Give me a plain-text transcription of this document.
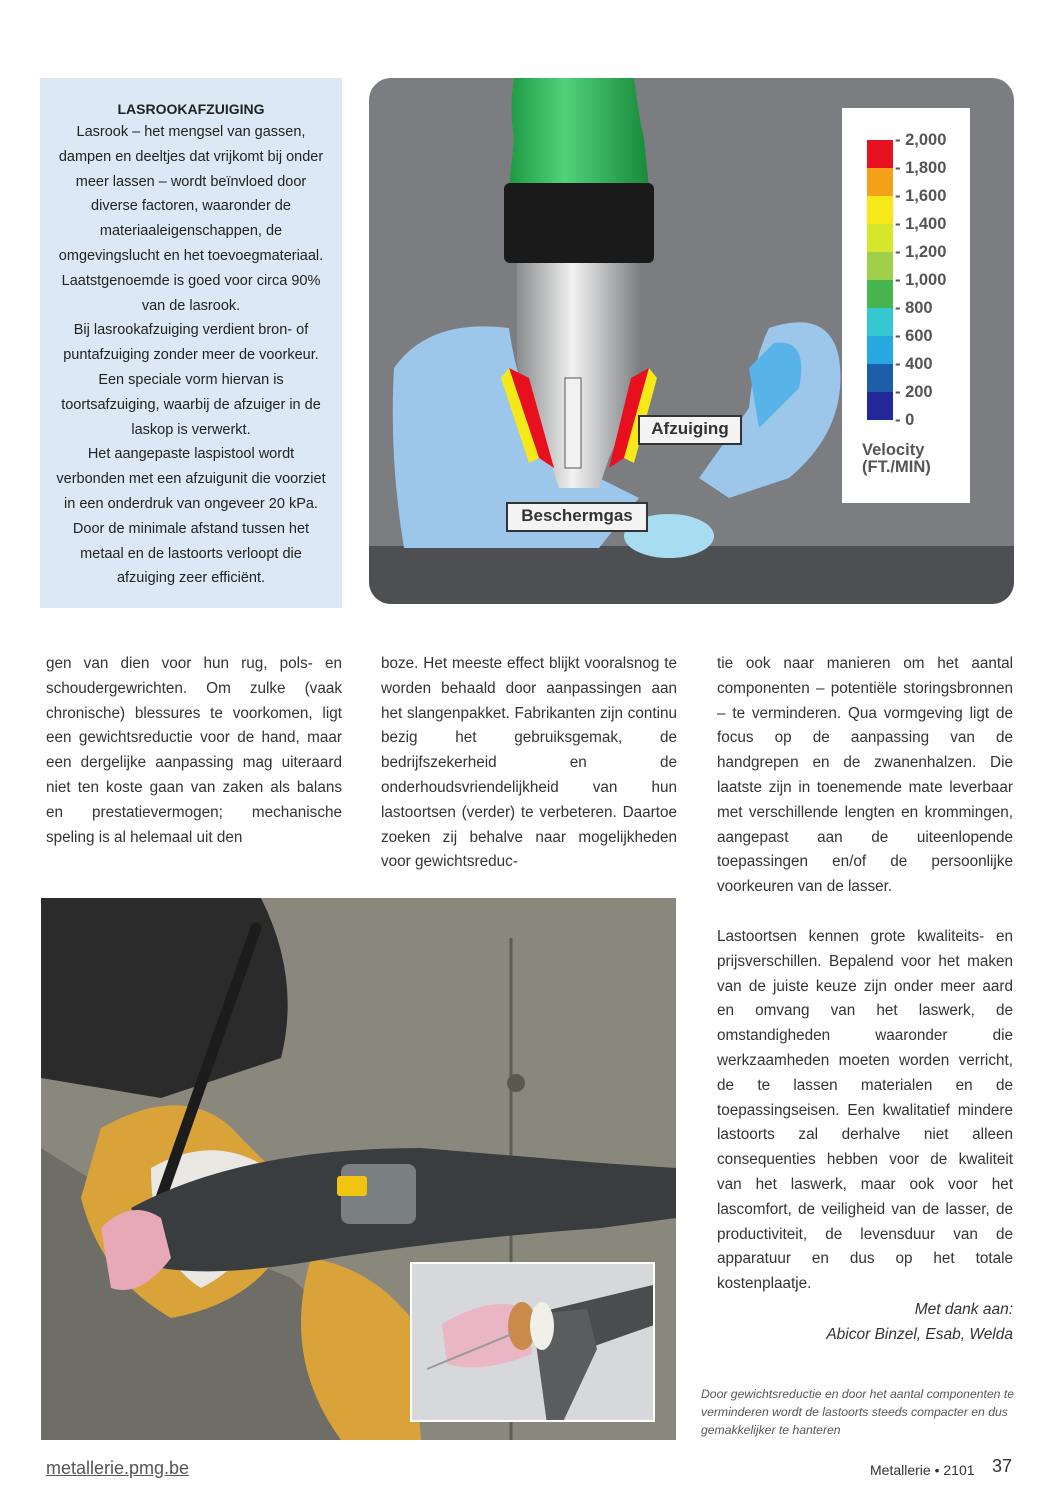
LASROOKAFZUIGING

Lasrook – het mengsel van gassen, dampen en deeltjes dat vrijkomt bij onder meer lassen – wordt beïnvloed door diverse factoren, waaronder de materiaaleigenschappen, de omgevingslucht en het toevoegmateriaal. Laatstgenoemde is goed voor circa 90% van de lasrook.

Bij lasrookafzuiging verdient bron- of puntafzuiging zonder meer de voorkeur. Een speciale vorm hiervan is toortsafzuiging, waarbij de afzuiger in de laskop is verwerkt.

Het aangepaste laspistool wordt verbonden met een afzuigunit die voorziet in een onderdruk van ongeveer 20 kPa. Door de minimale afstand tussen het metaal en de lastoorts verloopt die afzuiging zeer efficiënt.

Afzuiging
Beschermgas
- 2,000
- 1,800
- 1,600
- 1,400
- 1,200
- 1,000
- 800
- 600
- 400
- 200
- 0
Velocity
(FT./MIN)

gen van dien voor hun rug, pols- en schoudergewrichten. Om zulke (vaak chronische) blessures te voorkomen, ligt een gewichtsreductie voor de hand, maar een dergelijke aanpassing mag uiteraard niet ten koste gaan van zaken als balans en prestatievermogen; mechanische speling is al helemaal uit den

boze. Het meeste effect blijkt vooralsnog te worden behaald door aanpassingen aan het slangenpakket. Fabrikanten zijn continu bezig het gebruiksgemak, de bedrijfszekerheid en de onderhoudsvriendelijkheid van hun lastoortsen (verder) te verbeteren. Daartoe zoeken zij behalve naar mogelijkheden voor gewichtsreduc-

tie ook naar manieren om het aantal componenten – potentiële storingsbronnen – te verminderen. Qua vormgeving ligt de focus op de aanpassing van de handgrepen en de zwanenhalzen. Die laatste zijn in toenemende mate leverbaar met verschillende lengten en krommingen, aangepast aan de uiteenlopende toepassingen en/of de persoonlijke voorkeuren van de lasser.

Lastoortsen kennen grote kwaliteits- en prijsverschillen. Bepalend voor het maken van de juiste keuze zijn onder meer aard en omvang van het laswerk, de omstandigheden waaronder die werkzaamheden moeten worden verricht, de te lassen materialen en de toepassingseisen. Een kwalitatief mindere lastoorts zal derhalve niet alleen consequenties hebben voor de kwaliteit van het laswerk, maar ook voor het lascomfort, de veiligheid van de lasser, de productiviteit, de levensduur van de apparatuur en dus op het totale kostenplaatje.

Met dank aan:
Abicor Binzel, Esab, Welda
Door gewichtsreductie en door het aantal componenten te verminderen wordt de lastoorts steeds compacter en dus gemakkelijker te hanteren
metallerie.pmg.be	Metallerie • 2101 37
